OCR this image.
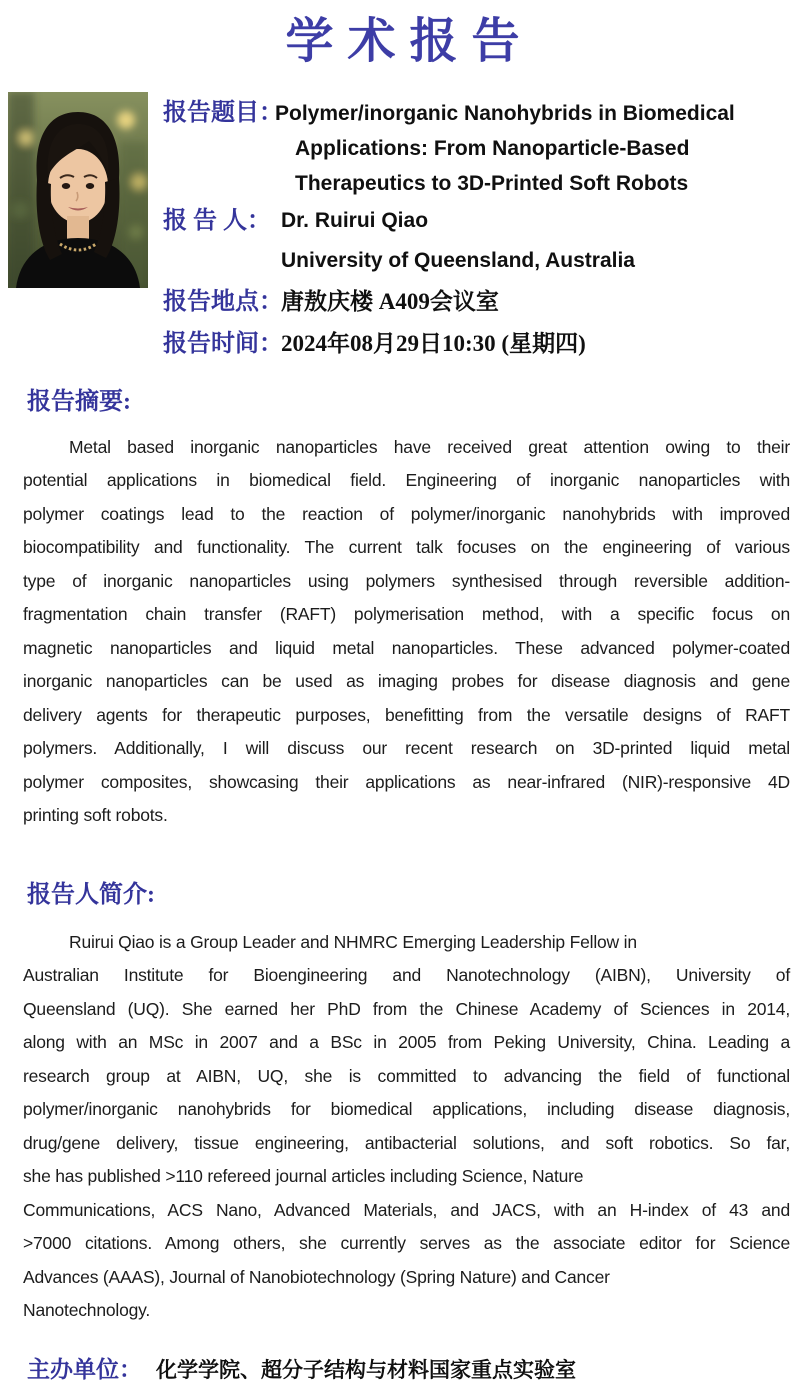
学术报告
报告题目：
Polymer/inorganic Nanohybrids in Biomedical
Applications: From Nanoparticle-Based
Therapeutics to 3D-Printed Soft Robots
报 告 人： Dr. Ruirui Qiao
University of Queensland, Australia
报告地点：
唐敖庆楼 A409会议室
报告时间：
2024年08月29日10:30 (星期四)
报告摘要:
Metal based inorganic nanoparticles have received great attention owing to their
potential applications in biomedical field. Engineering of inorganic nanoparticles with
polymer coatings lead to the reaction of polymer/inorganic nanohybrids with improved
biocompatibility and functionality. The current talk focuses on the engineering of various
type of inorganic nanoparticles using polymers synthesised through reversible addition-
fragmentation chain transfer (RAFT) polymerisation method, with a specific focus on
magnetic nanoparticles and liquid metal nanoparticles. These advanced polymer-coated
inorganic nanoparticles can be used as imaging probes for disease diagnosis and gene
delivery agents for therapeutic purposes, benefitting from the versatile designs of RAFT
polymers. Additionally, I will discuss our recent research on 3D-printed liquid metal
polymer composites, showcasing their applications as near-infrared (NIR)-responsive 4D
printing soft robots.
报告人简介:
Ruirui Qiao is a Group Leader and NHMRC Emerging Leadership Fellow in
Australian Institute for Bioengineering and Nanotechnology (AIBN), University of
Queensland (UQ). She earned her PhD from the Chinese Academy of Sciences in 2014,
along with an MSc in 2007 and a BSc in 2005 from Peking University, China. Leading a
research group at AIBN, UQ, she is committed to advancing the field of functional
polymer/inorganic nanohybrids for biomedical applications, including disease diagnosis,
drug/gene delivery, tissue engineering, antibacterial solutions, and soft robotics. So far,
she has published >110 refereed journal articles including Science, Nature
Communications, ACS Nano, Advanced Materials, and JACS, with an H-index of 43 and
>7000 citations. Among others, she currently serves as the associate editor for Science
Advances (AAAS), Journal of Nanobiotechnology (Spring Nature) and Cancer
Nanotechnology.
主办单位： 化学学院、超分子结构与材料国家重点实验室
